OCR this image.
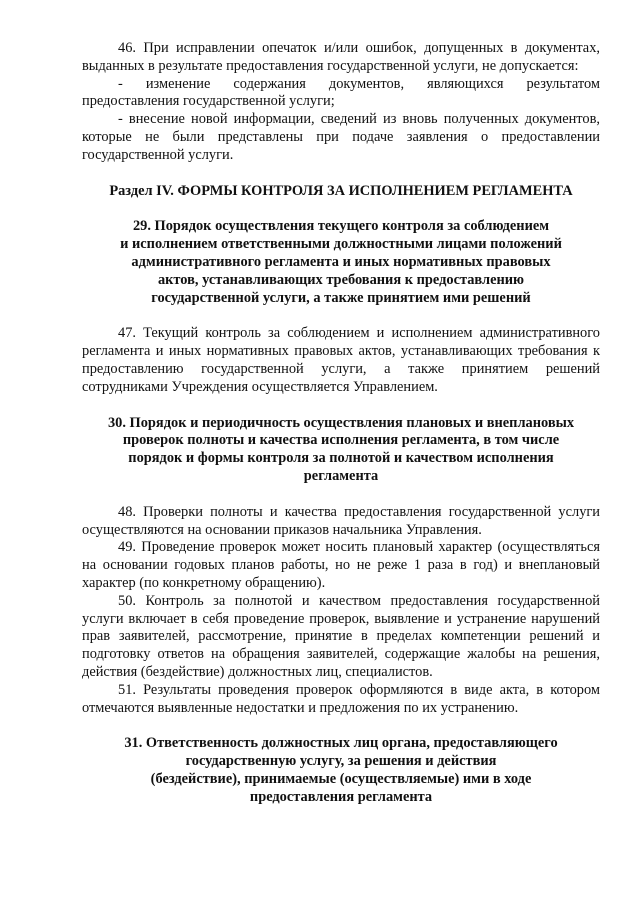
46. При исправлении опечаток и/или ошибок, допущенных в документах, выданных в результате предоставления государственной услуги, не допускается:

- изменение содержания документов, являющихся результатом предоставления государственной услуги;

- внесение новой информации, сведений из вновь полученных документов, которые не были представлены при подаче заявления о предоставлении государственной услуги.

Раздел IV. ФОРМЫ КОНТРОЛЯ ЗА ИСПОЛНЕНИЕМ РЕГЛАМЕНТА

29. Порядок осуществления текущего контроля за соблюдением
и исполнением ответственными должностными лицами положений
административного регламента и иных нормативных правовых
актов, устанавливающих требования к предоставлению
государственной услуги, а также принятием ими решений

47. Текущий контроль за соблюдением и исполнением административного регламента и иных нормативных правовых актов, устанавливающих требования к предоставлению государственной услуги, а также принятием решений сотрудниками Учреждения осуществляется Управлением.

30. Порядок и периодичность осуществления плановых и внеплановых
проверок полноты и качества исполнения регламента, в том числе
порядок и формы контроля за полнотой и качеством исполнения
регламента

48. Проверки полноты и качества предоставления государственной услуги осуществляются на основании приказов начальника Управления.

49. Проведение проверок может носить плановый характер (осуществляться на основании годовых планов работы, но не реже 1 раза в год) и внеплановый характер (по конкретному обращению).

50. Контроль за полнотой и качеством предоставления государственной услуги включает в себя проведение проверок, выявление и устранение нарушений прав заявителей, рассмотрение, принятие в пределах компетенции решений и подготовку ответов на обращения заявителей, содержащие жалобы на решения, действия (бездействие) должностных лиц, специалистов.

51. Результаты проведения проверок оформляются в виде акта, в котором отмечаются выявленные недостатки и предложения по их устранению.

31. Ответственность должностных лиц органа, предоставляющего
государственную услугу, за решения и действия
(бездействие), принимаемые (осуществляемые) ими в ходе
предоставления регламента
